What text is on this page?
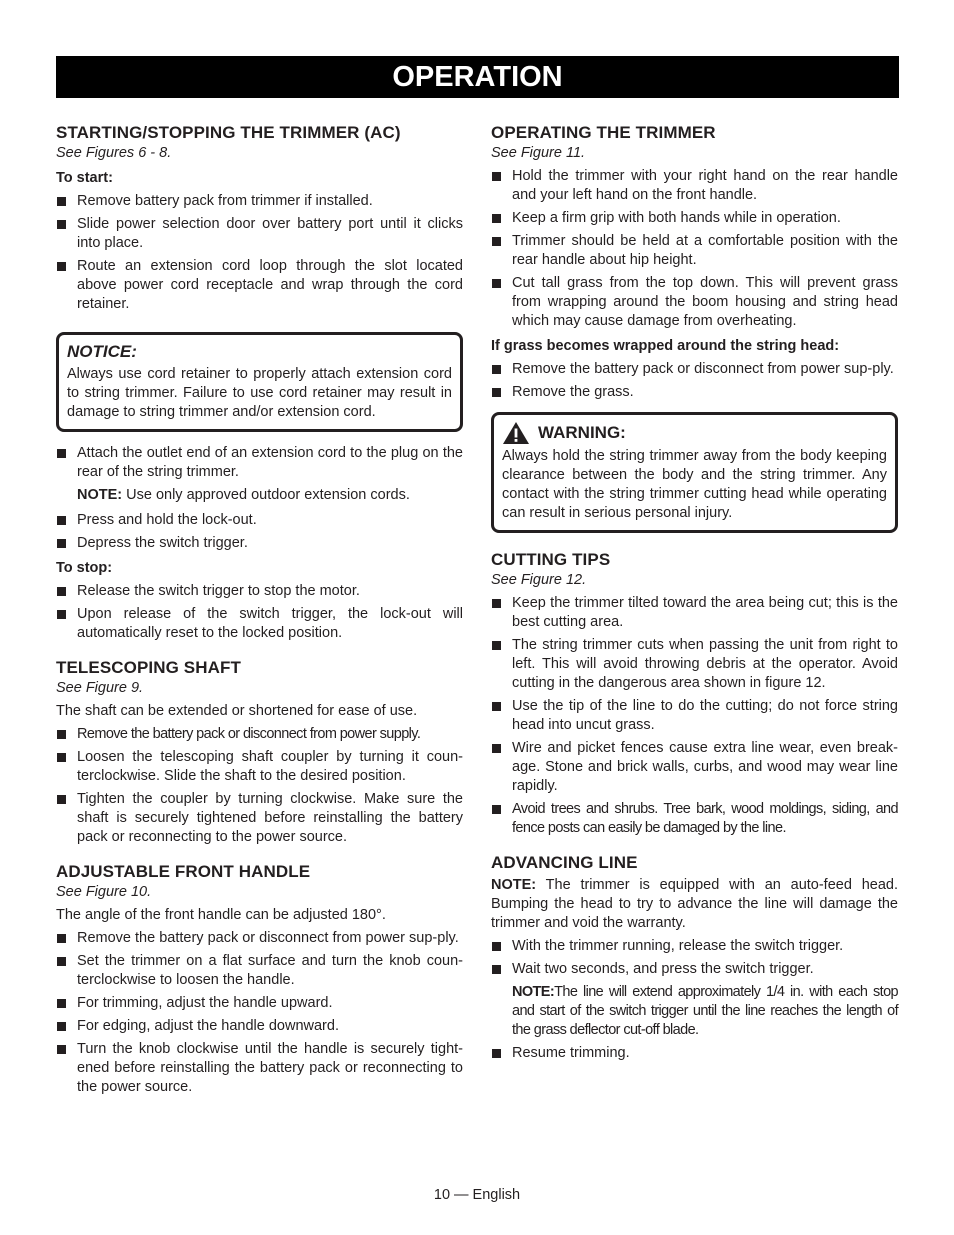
OPERATION
STARTING/STOPPING THE TRIMMER (AC)

See Figures 6 - 8.

To start:

Remove battery pack from trimmer if installed.
Slide power selection door over battery port until it clicks into place.
Route an extension cord loop through the slot located above power cord receptacle and wrap through the cord retainer.
NOTICE:
Always use cord retainer to properly attach extension cord to string trimmer. Failure to use cord retainer may result in damage to string trimmer and/or extension cord.
Attach the outlet end of an extension cord to the plug on the rear of the string trimmer.

NOTE: Use only approved outdoor extension cords.

Press and hold the lock-out.
Depress the switch trigger.

To stop:

Release the switch trigger to stop the motor.
Upon release of the switch trigger, the lock-out will automatically reset to the locked position.
TELESCOPING SHAFT

See Figure 9.

The shaft can be extended or shortened for ease of use.

Remove the battery pack or disconnect from power supply.
Loosen the telescoping shaft coupler by turning it coun-terclockwise. Slide the shaft to the desired position.
Tighten the coupler by turning clockwise. Make sure the shaft is securely tightened before reinstalling the battery pack or reconnecting to the power source.
ADJUSTABLE FRONT HANDLE

See Figure 10.

The angle of the front handle can be adjusted 180°.

Remove the battery pack or disconnect from power sup-ply.
Set the trimmer on a flat surface and turn the knob coun-terclockwise to loosen the handle.
For trimming, adjust the handle upward.
For edging, adjust the handle downward.
Turn the knob clockwise until the handle is securely tight-ened before reinstalling the battery pack or reconnecting to the power source.
OPERATING THE TRIMMER

See Figure 11.

Hold the trimmer with your right hand on the rear handle and your left hand on the front handle.
Keep a firm grip with both hands while in operation.
Trimmer should be held at a comfortable position with the rear handle about hip height.
Cut tall grass from the top down. This will prevent grass from wrapping around the boom housing and string head which may cause damage from overheating.

If grass becomes wrapped around the string head:

Remove the battery pack or disconnect from power sup-ply.
Remove the grass.
WARNING:
Always hold the string trimmer away from the body keeping clearance between the body and the string trimmer. Any contact with the string trimmer cutting head while operating can result in serious personal injury.
CUTTING TIPS

See Figure 12.

Keep the trimmer tilted toward the area being cut; this is the best cutting area.
The string trimmer cuts when passing the unit from right to left. This will avoid throwing debris at the operator. Avoid cutting in the dangerous area shown in figure 12.
Use the tip of the line to do the cutting; do not force string head into uncut grass.
Wire and picket fences cause extra line wear, even break-age. Stone and brick walls, curbs, and wood may wear line rapidly.
Avoid trees and shrubs. Tree bark, wood moldings, siding, and fence posts can easily be damaged by the line.
ADVANCING LINE

NOTE: The trimmer is equipped with an auto-feed head. Bumping the head to try to advance the line will damage the trimmer and void the warranty.

With the trimmer running, release the switch trigger.
Wait two seconds, and press the switch trigger.

NOTE:The line will extend approximately 1/4 in. with each stop and start of the switch trigger until the line reaches the length of the grass deflector cut-off blade.

Resume trimming.
10 — English
